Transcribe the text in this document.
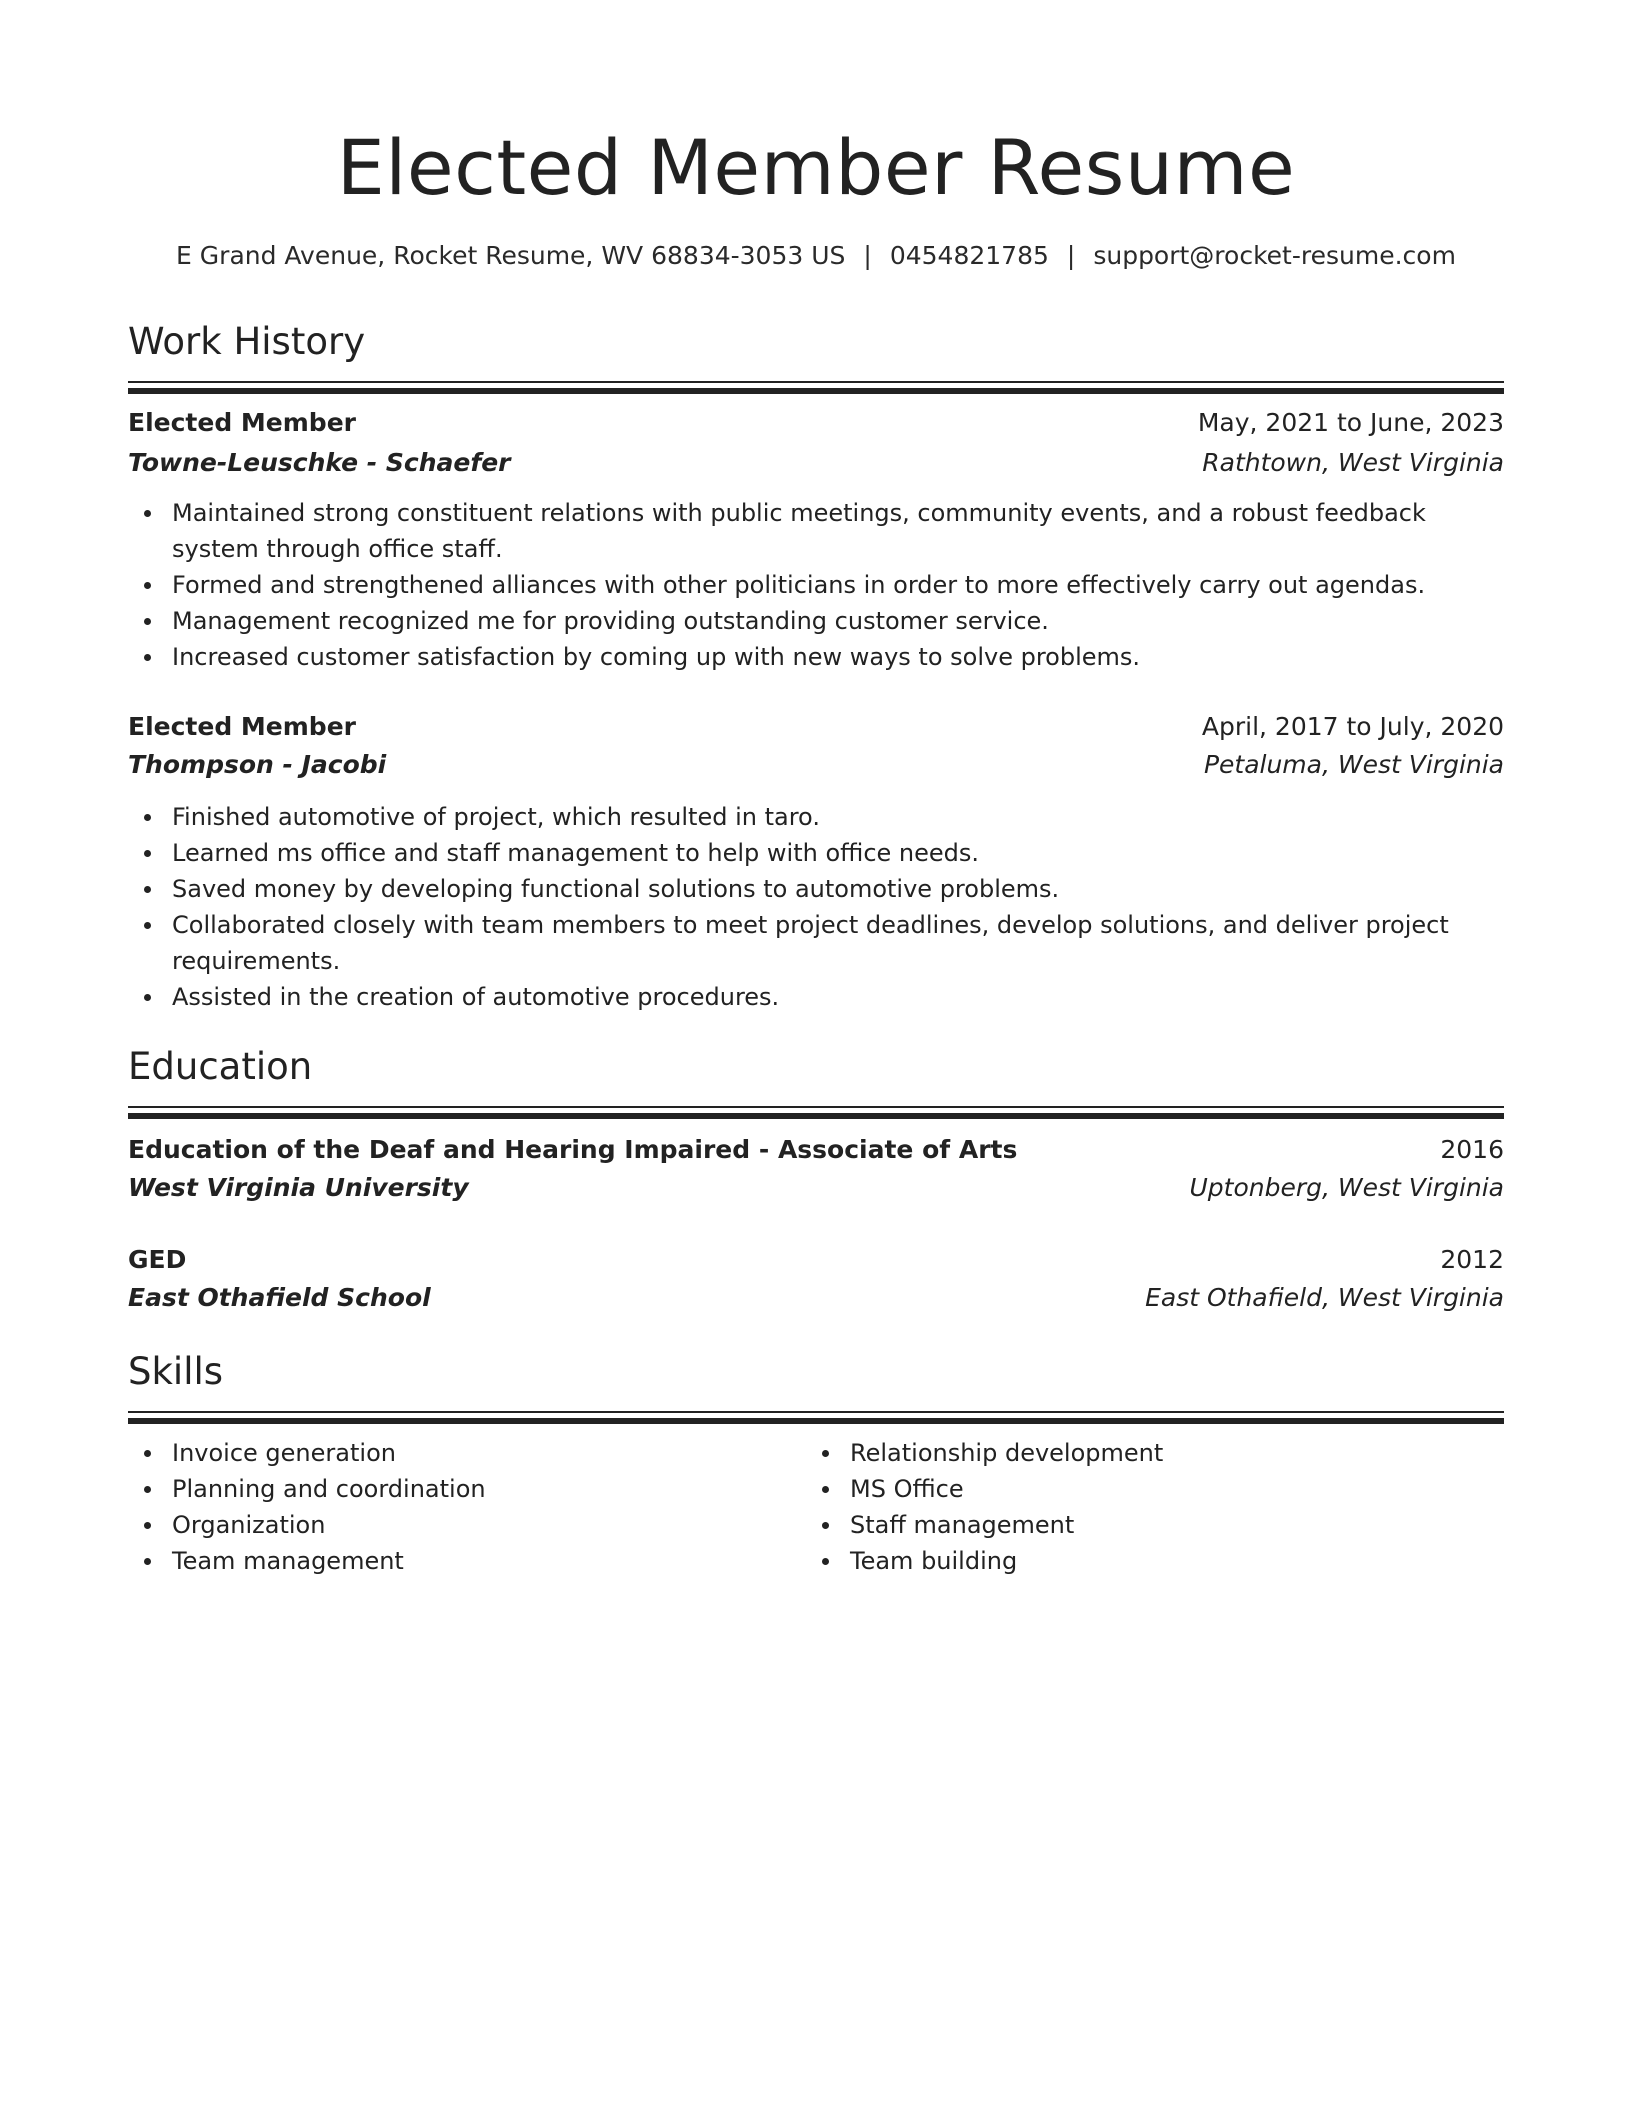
Elected Member Resume
E Grand Avenue, Rocket Resume, WV 68834-3053 US | 0454821785 | support@rocket-resume.com
Work History
Elected Member	May, 2021 to June, 2023
Towne-Leuschke - Schaefer	Rathtown, West Virginia
Maintained strong constituent relations with public meetings, community events, and a robust feedback system through office staff.
Formed and strengthened alliances with other politicians in order to more effectively carry out agendas.
Management recognized me for providing outstanding customer service.
Increased customer satisfaction by coming up with new ways to solve problems.
Elected Member	April, 2017 to July, 2020
Thompson - Jacobi	Petaluma, West Virginia
Finished automotive of project, which resulted in taro.
Learned ms office and staff management to help with office needs.
Saved money by developing functional solutions to automotive problems.
Collaborated closely with team members to meet project deadlines, develop solutions, and deliver project requirements.
Assisted in the creation of automotive procedures.
Education
Education of the Deaf and Hearing Impaired - Associate of Arts	2016
West Virginia University	Uptonberg, West Virginia
GED	2012
East Othafield School	East Othafield, West Virginia
Skills
Invoice generation
Planning and coordination
Organization
Team management
Relationship development
MS Office
Staff management
Team building
